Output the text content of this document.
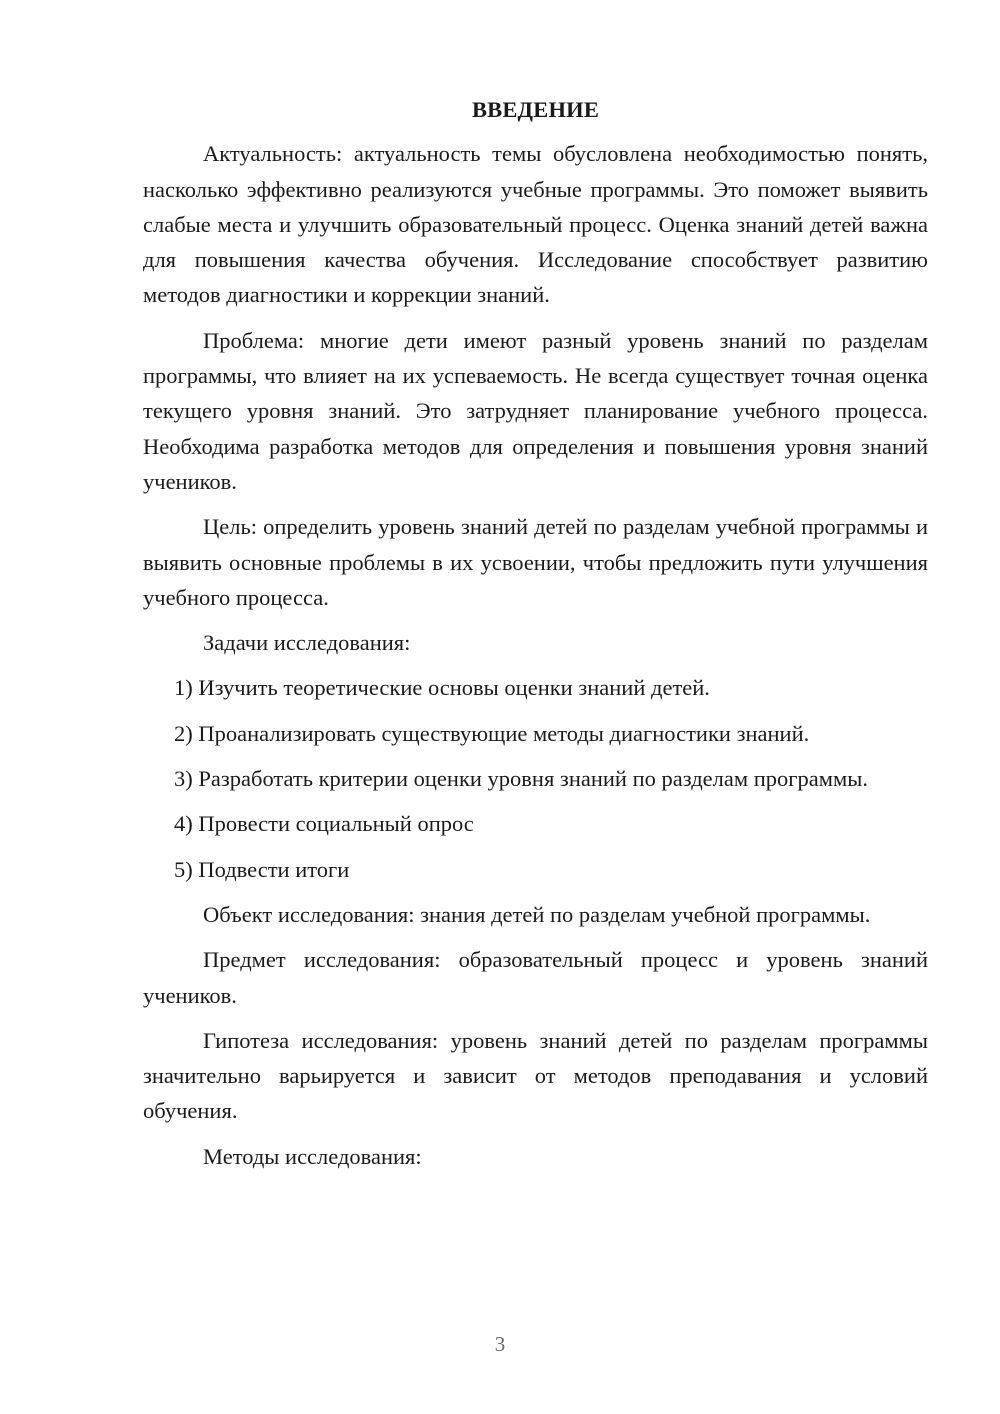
ВВЕДЕНИЕ

Актуальность: актуальность темы обусловлена необходимостью понять, насколько эффективно реализуются учебные программы. Это поможет выявить слабые места и улучшить образовательный процесс. Оценка знаний детей важна для повышения качества обучения. Исследование способствует развитию методов диагностики и коррекции знаний.

Проблема: многие дети имеют разный уровень знаний по разделам программы, что влияет на их успеваемость. Не всегда существует точная оценка текущего уровня знаний. Это затрудняет планирование учебного процесса. Необходима разработка методов для определения и повышения уровня знаний учеников.

Цель: определить уровень знаний детей по разделам учебной программы и выявить основные проблемы в их усвоении, чтобы предложить пути улучшения учебного процесса.

Задачи исследования:

1) Изучить теоретические основы оценки знаний детей.

2) Проанализировать существующие методы диагностики знаний.

3) Разработать критерии оценки уровня знаний по разделам программы.

4) Провести социальный опрос

5) Подвести итоги

Объект исследования: знания детей по разделам учебной программы.

Предмет исследования: образовательный процесс и уровень знаний учеников.

Гипотеза исследования: уровень знаний детей по разделам программы значительно варьируется и зависит от методов преподавания и условий обучения.

Методы исследования:

3
